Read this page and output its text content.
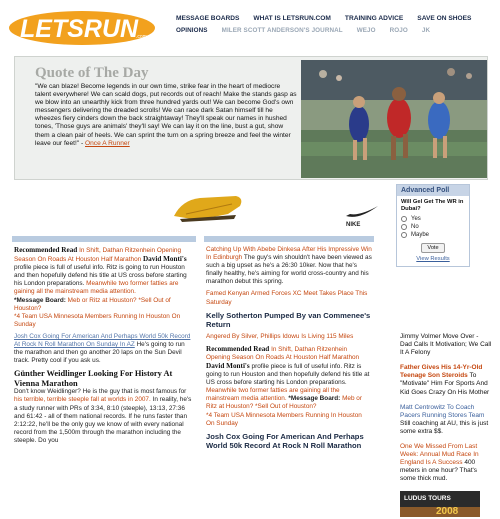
LETSRUN
.com
MESSAGE BOARDS WHAT IS LETSRUN.COM TRAINING ADVICE SAVE ON SHOES
OPINIONS MILER SCOTT ANDERSON'S JOURNAL WEJO ROJO JK
Quote of The Day
"We can blaze! Become legends in our own time, strike fear in the heart of mediocre talent everywhere! We can scald dogs, put records out of reach! Make the stands gasp as we blow into an unearthly kick from three hundred yards out! We can become God's own messengers delivering the dreaded scrolls! We can race dark Satan himself till he wheezes fiery cinders down the back straightaway! They'll speak our names in hushed tones, 'Those guys are animals' they'll say! We can lay it on the line, bust a gut, show them a clean pair of heels. We can sprint the turn on a spring breeze and feel the winter leave our feet!" - Once A Runner
NIKE

Recommended Read In Shift, Dathan Ritzenhein Opening Season On Roads At Houston Half Marathon David Monti's profile piece is full of useful info. Ritz is going to run Houston and then hopefully defend his title at US cross before starting his London preparations. Meanwhile two former fatties are gaining all the mainstream media attention.
*Message Board: Meb or Ritz at Houston? *Sell Out of Houston?
*4 Team USA Minnesota Members Running In Houston On Sunday

Josh Cox Going For American And Perhaps World 50k Record At Rock N Roll Marathon On Sunday In AZ He's going to run the marathon and then go another 20 laps on the Sun Devil track. Pretty cool if you ask us.

Günther Weidlinger Looking For History At Vienna Marathon
Don't know Weidlinger? He is the guy that is most famous for his terrible, terrible steeple fall at worlds in 2007. In reality, he's a study runner with PRs of 3:34, 8:10 (steeple), 13:13, 27:36 and 61:42 - all of them national records. If he runs faster than 2:12:22, he'll be the only guy we know of with every national record from the 1,500m through the marathon including the steeple. Do you

Catching Up With Abebe Dinkesa After His Impressive Win In Edinburgh The guy's win shouldn't have been viewed as such a big upset as he's a 26:30 10ker. Now that he's finally healthy, he's aiming for world cross-country and his marathon debut this spring.

Famed Kenyan Armed Forces XC Meet Takes Place This Saturday

Kelly Sotherton Pumped By van Commenee's Return

Angered By Silver, Phillips Idowu Is Living 115 Miles

Recommended Read In Shift, Dathan Ritzenhein Opening Season On Roads At Houston Half Marathon David Monti's profile piece is full of useful info. Ritz is going to run Houston and then hopefully defend his title at US cross before starting his London preparations. Meanwhile two former fatties are gaining all the mainstream media attention. *Message Board: Meb or Ritz at Houston? *Sell Out of Houston?
*4 Team USA Minnesota Members Running In Houston On Sunday

Josh Cox Going For American And Perhaps World 50k Record At Rock N Roll Marathon

Advanced Poll
Will Gel Get The WR in Dubai?
Yes
No
Maybe
Vote
View Results

Jimmy Volmer Move Over - Dad Calls It Motivation; We Call It A Felony

Father Gives His 14-Yr-Old Teenage Son Steroids To "Motivate" Him For Sports And Kid Goes Crazy On His Mother

Matt Centrowitz To Coach Pacers Running Stores Team Still coaching at AU, this is just some extra $$.

One We Missed From Last Week: Annual Mud Race In England Is A Success 400 meters in one hour? That's some thick mud.

LUDUS TOURS
2008
